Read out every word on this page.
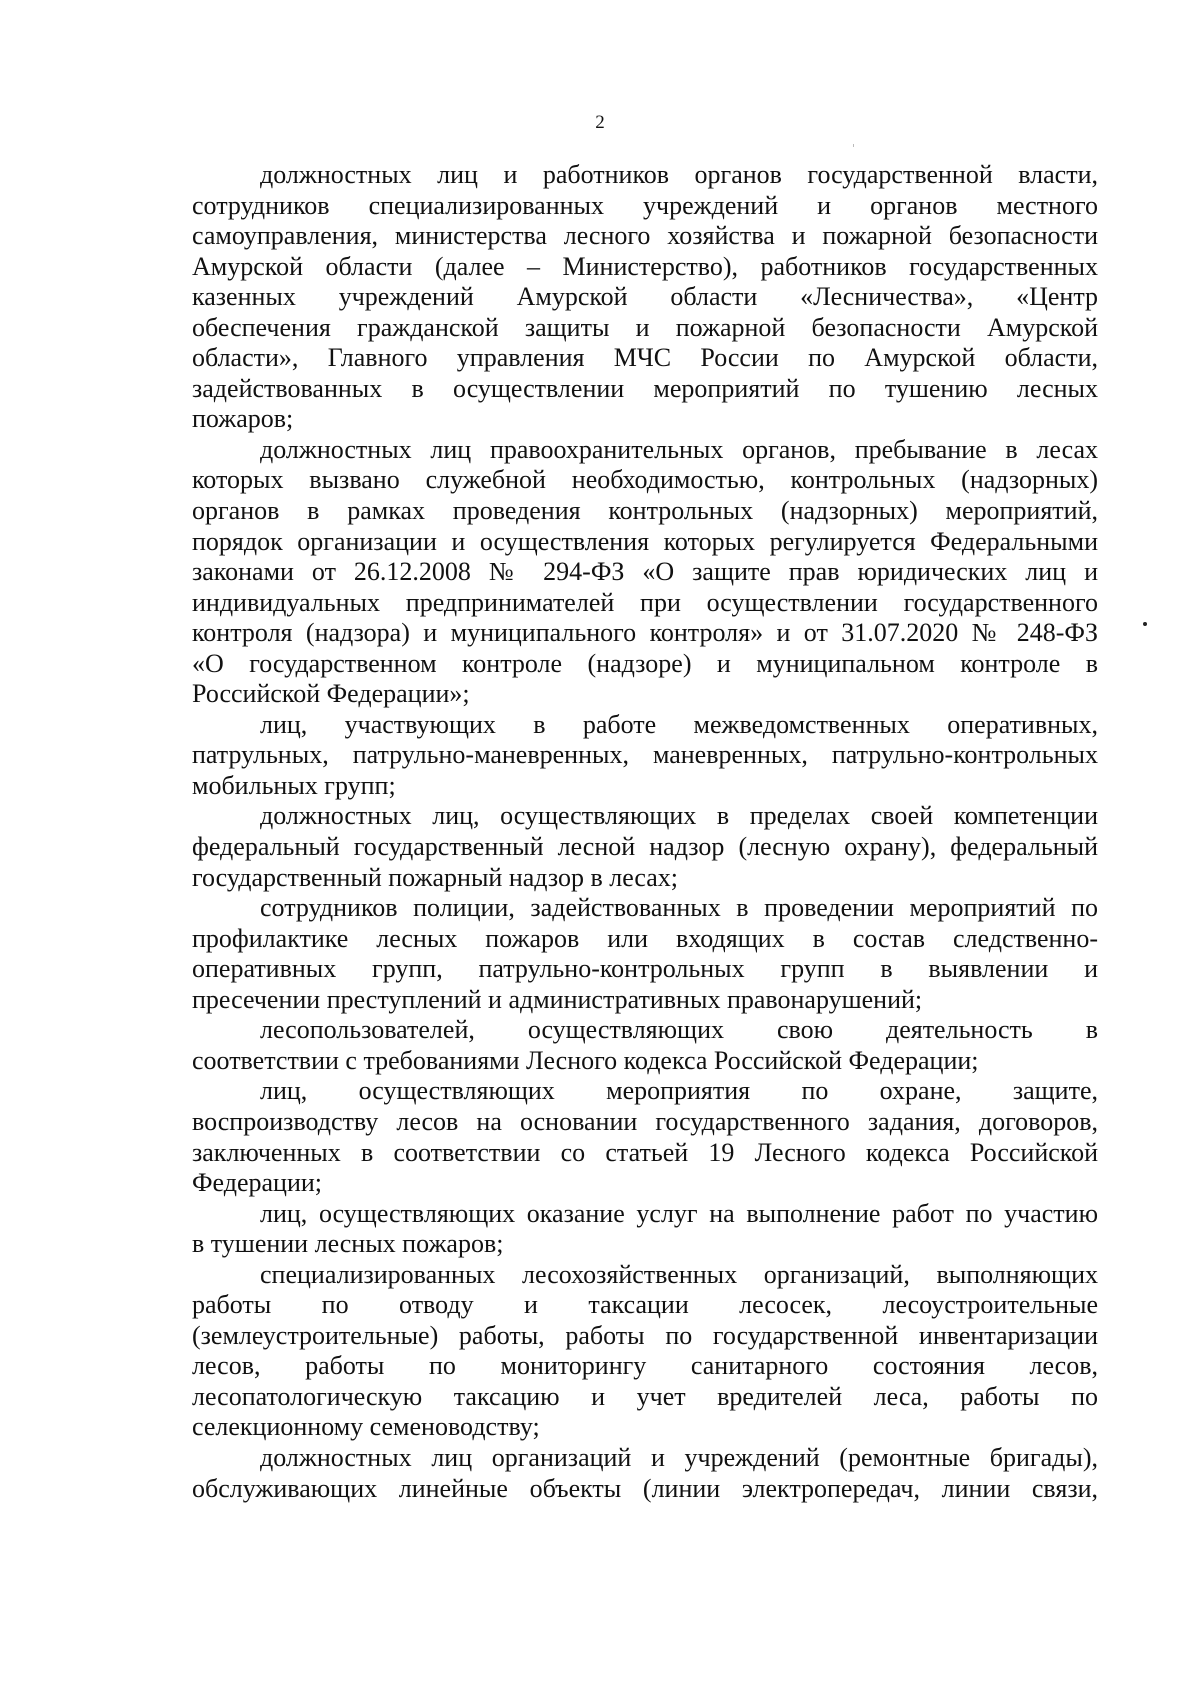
2
должностных лиц и работников органов государственной власти,
сотрудников специализированных учреждений и органов местного
самоуправления, министерства лесного хозяйства и пожарной безопасности
Амурской области (далее – Министерство), работников государственных
казенных учреждений Амурской области «Лесничества», «Центр
обеспечения гражданской защиты и пожарной безопасности Амурской
области», Главного управления МЧС России по Амурской области,
задействованных в осуществлении мероприятий по тушению лесных
пожаров;
должностных лиц правоохранительных органов, пребывание в лесах
которых вызвано служебной необходимостью, контрольных (надзорных)
органов в рамках проведения контрольных (надзорных) мероприятий,
порядок организации и осуществления которых регулируется Федеральными
законами от 26.12.2008 № 294-ФЗ «О защите прав юридических лиц и
индивидуальных предпринимателей при осуществлении государственного
контроля (надзора) и муниципального контроля» и от 31.07.2020 № 248-ФЗ
«О государственном контроле (надзоре) и муниципальном контроле в
Российской Федерации»;
лиц, участвующих в работе межведомственных оперативных,
патрульных, патрульно-маневренных, маневренных, патрульно-контрольных
мобильных групп;
должностных лиц, осуществляющих в пределах своей компетенции
федеральный государственный лесной надзор (лесную охрану), федеральный
государственный пожарный надзор в лесах;
сотрудников полиции, задействованных в проведении мероприятий по
профилактике лесных пожаров или входящих в состав следственно-
оперативных групп, патрульно-контрольных групп в выявлении и
пресечении преступлений и административных правонарушений;
лесопользователей, осуществляющих свою деятельность в
соответствии с требованиями Лесного кодекса Российской Федерации;
лиц, осуществляющих мероприятия по охране, защите,
воспроизводству лесов на основании государственного задания, договоров,
заключенных в соответствии со статьей 19 Лесного кодекса Российской
Федерации;
лиц, осуществляющих оказание услуг на выполнение работ по участию
в тушении лесных пожаров;
специализированных лесохозяйственных организаций, выполняющих
работы по отводу и таксации лесосек, лесоустроительные
(землеустроительные) работы, работы по государственной инвентаризации
лесов, работы по мониторингу санитарного состояния лесов,
лесопатологическую таксацию и учет вредителей леса, работы по
селекционному семеноводству;
должностных лиц организаций и учреждений (ремонтные бригады),
обслуживающих линейные объекты (линии электропередач, линии связи,
